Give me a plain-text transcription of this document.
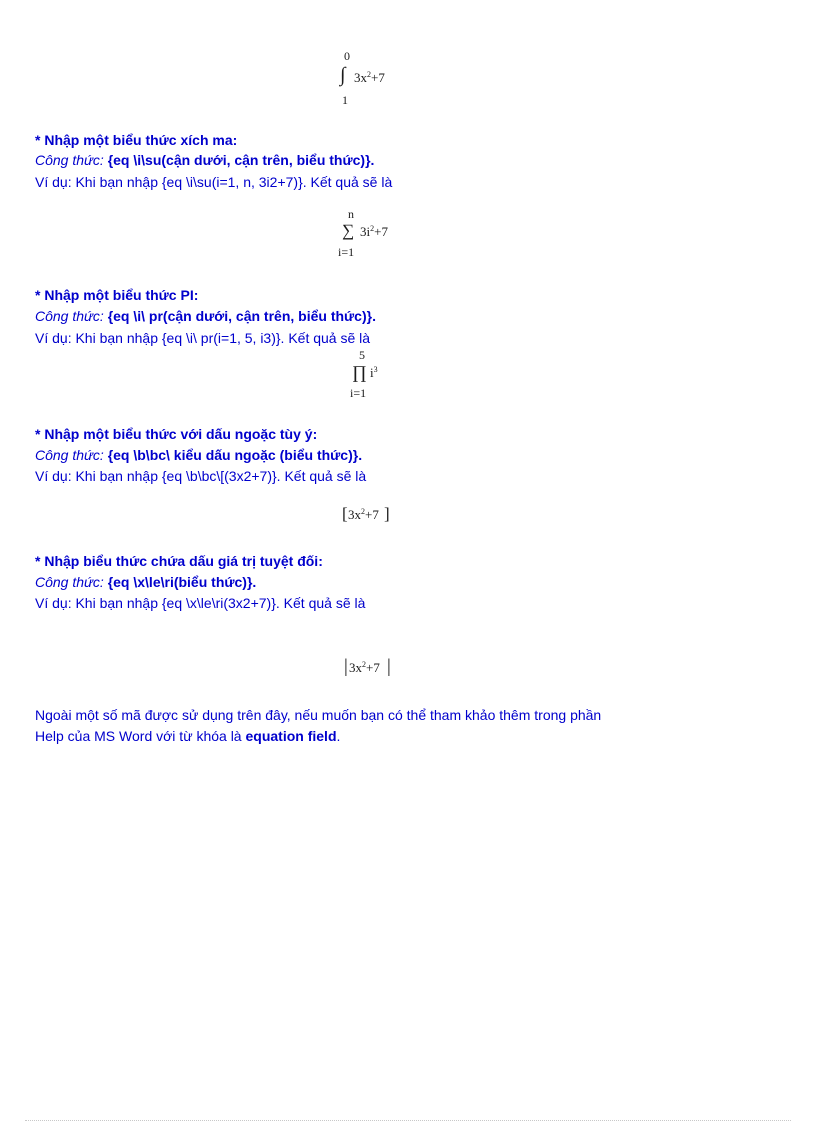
0
∫ $3x^2+7$
1
* Nhập một biểu thức xích ma:
Công thức: {eq \i\su(cận dưới, cận trên, biểu thức)}.
Ví dụ: Khi bạn nhập {eq \i\su(i=1, n, 3i2+7)}. Kết quả sẽ là
n
∑ $3i^2+7$
i=1
* Nhập một biểu thức PI:
Công thức: {eq \i\ pr(cận dưới, cận trên, biểu thức)}.
Ví dụ: Khi bạn nhập {eq \i\ pr(i=1, 5, i3)}. Kết quả sẽ là
5
∏ $i^3$
i=1
* Nhập một biểu thức với dấu ngoặc tùy ý:
Công thức: {eq \b\bc\ kiểu dấu ngoặc (biểu thức)}.
Ví dụ: Khi bạn nhập {eq \b\bc\[(3x2+7)}. Kết quả sẽ là
[ $3x^2+7$ ]
* Nhập biểu thức chứa dấu giá trị tuyệt đối:
Công thức: {eq \x\le\ri(biểu thức)}.
Ví dụ: Khi bạn nhập {eq \x\le\ri(3x2+7)}. Kết quả sẽ là
| $3x^2+7$ |
Ngoài một số mã được sử dụng trên đây, nếu muốn bạn có thể tham khảo thêm trong phần
Help của MS Word với từ khóa là equation field.
